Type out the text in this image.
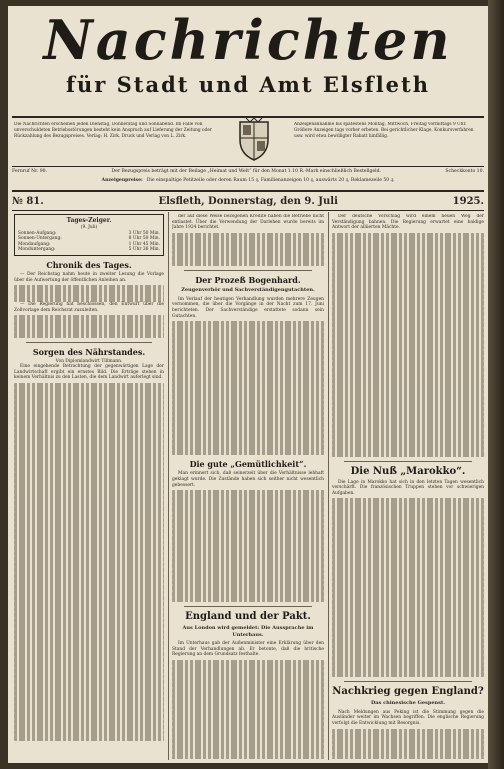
Nachrichten
für Stadt und Amt Elsfleth
Die Nachrichten erscheinen jeden Dienstag, Donnerstag und Sonnabend. Im Falle von unverschuldeten Betriebsstörungen besteht kein Anspruch auf Lieferung der Zeitung oder Rückzahlung des Bezugspreises. Verlag: H. Zirk. Druck und Verlag von L. Zirk.
Anzeigenannahme bis spätestens Montag, Mittwoch, Freitag vormittags 9 Uhr. Größere Anzeigen tags vorher erbeten. Bei gerichtlicher Klage, Konkursverfahren usw. wird etwa bewilligter Rabatt hinfällig.
Fernruf Nr. 90.	Der Bezugspreis beträgt mit der Beilage „Heimat und Welt“ für den Monat 1.10 R.-Mark einschließlich Bestellgeld.	Scheckkonto 10.
Anzeigenpreise: Die einspaltige Petitzeile oder deren Raum 15 ₰, Familienanzeigen 10 ₰, auswärts 20 ₰, Reklamezeile 50 ₰.
№ 81.	Elsfleth, Donnerstag, den 9. Juli	1925.
Tages-Zeiger.
(9. Juli)
Sonnen-Aufgang:	3 Uhr 50 Min.
Sonnen-Untergang:	8 Uhr 50 Min.
Mondaufgang:	1 Uhr 45 Min.
Monduntergang:	5 Uhr 36 Min.
Chronik des Tages.

— Der Reichstag nahm heute in zweiter Lesung die Vorlage über die Aufwertung der öffentlichen Anleihen an.

— Die Regierung hat beschlossen, den Entwurf über die Zollvorlage dem Reichsrat zuzuleiten.

Sorgen des Nährstandes.
Von Diplomlandwirt Tillmann.

Eine eingehende Betrachtung der gegenwärtigen Lage der Landwirtschaft ergibt ein ernstes Bild. Die Erträge stehen in keinem Verhältnis zu den Lasten, die dem Landwirt auferlegt sind.

der auf diese Weise bezogenen Kredite haben die Betriebe nicht entlastet. Über die Verwendung der Darlehen wurde bereits im Jahre 1924 berichtet.

Der Prozeß Bogenhard.
Zeugenverhör und Sachverständigengutachten.

Im Verlauf der heutigen Verhandlung wurden mehrere Zeugen vernommen, die über die Vorgänge in der Nacht zum 17. Juni berichteten. Der Sachverständige erstattete sodann sein Gutachten.

Die gute „Gemütlichkeit“.

Man erinnert sich, daß seinerzeit über die Verhältnisse lebhaft geklagt wurde. Die Zustände haben sich seither nicht wesentlich gebessert.

England und der Pakt.
Aus London wird gemeldet: Die Aussprache im Unterhaus.

Im Unterhaus gab der Außenminister eine Erklärung über den Stand der Verhandlungen ab. Er betonte, daß die britische Regierung an dem Grundsatz festhalte.

Der deutsche Vorschlag wird einem neuen Weg der Verständigung bahnen. Die Regierung erwartet eine baldige Antwort der alliierten Mächte.

Die Nuß „Marokko“.

Die Lage in Marokko hat sich in den letzten Tagen wesentlich verschärft. Die französischen Truppen stehen vor schwierigen Aufgaben.

Nachkrieg gegen England?
Das chinesische Gespenst.

Nach Meldungen aus Peking ist die Stimmung gegen die Ausländer weiter im Wachsen begriffen. Die englische Regierung verfolgt die Entwicklung mit Besorgnis.
